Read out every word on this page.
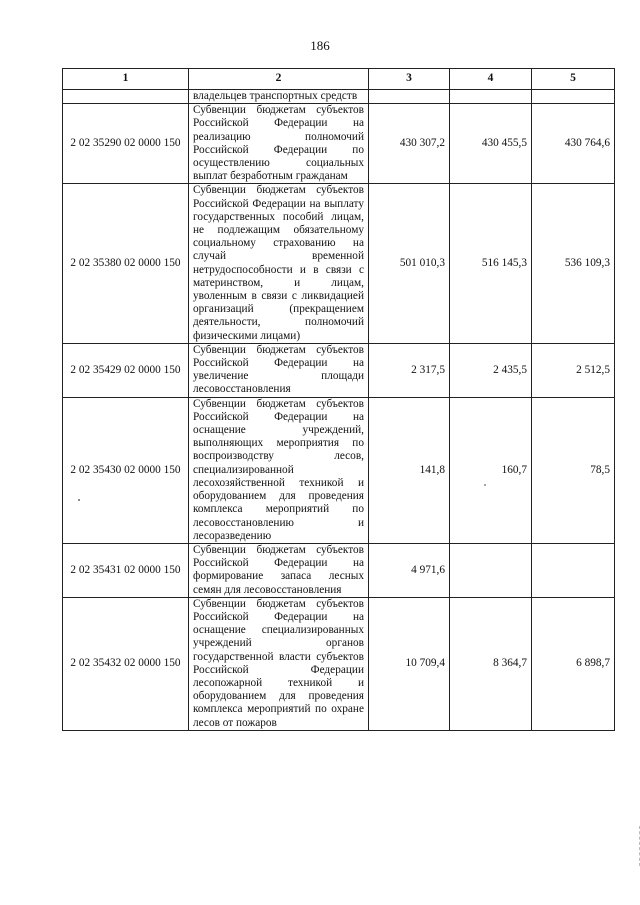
186
1	2	3	4	5
	владельцев транспортных средств			
2 02 35290 02 0000 150	Субвенции бюджетам субъектов Российской Федерации на реализацию полномочий Российской Федерации по осуществлению социальных выплат безработным гражданам	430 307,2	430 455,5	430 764,6
2 02 35380 02 0000 150	Субвенции бюджетам субъектов Российской Федерации на выплату государственных пособий лицам, не подлежащим обязательному социальному страхованию на случай временной нетрудоспособности и в связи с материнством, и лицам, уволенным в связи с ликвидацией организаций (прекращением деятельности, полномочий физическими лицами)	501 010,3	516 145,3	536 109,3
2 02 35429 02 0000 150	Субвенции бюджетам субъектов Российской Федерации на увеличение площади лесовосстановления	2 317,5	2 435,5	2 512,5
2 02 35430 02 0000 150	Субвенции бюджетам субъектов Российской Федерации на оснащение учреждений, выполняющих мероприятия по воспроизводству лесов, специализированной лесохозяйственной техникой и оборудованием для проведения комплекса мероприятий по лесовосстановлению и лесоразведению	141,8	160,7	78,5
2 02 35431 02 0000 150	Субвенции бюджетам субъектов Российской Федерации на формирование запаса лесных семян для лесовосстановления	4 971,6		
2 02 35432 02 0000 150	Субвенции бюджетам субъектов Российской Федерации на оснащение специализированных учреждений органов государственной власти субъектов Российской Федерации лесопожарной техникой и оборудованием для проведения комплекса мероприятий по охране лесов от пожаров	10 709,4	8 364,7	6 898,7
